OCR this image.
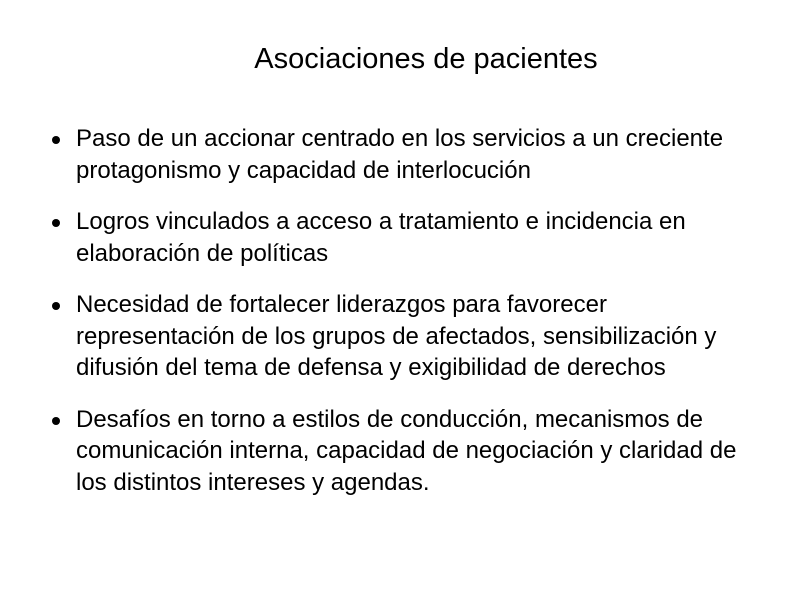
Asociaciones de pacientes
Paso de un accionar centrado en los servicios a un creciente protagonismo y capacidad de interlocución
Logros vinculados a acceso a tratamiento e incidencia en elaboración de políticas
Necesidad de fortalecer liderazgos para favorecer representación de los grupos de afectados, sensibilización y difusión del tema de defensa y exigibilidad de derechos
Desafíos en torno a estilos de conducción, mecanismos de comunicación interna, capacidad de negociación y claridad de los distintos intereses y agendas.
